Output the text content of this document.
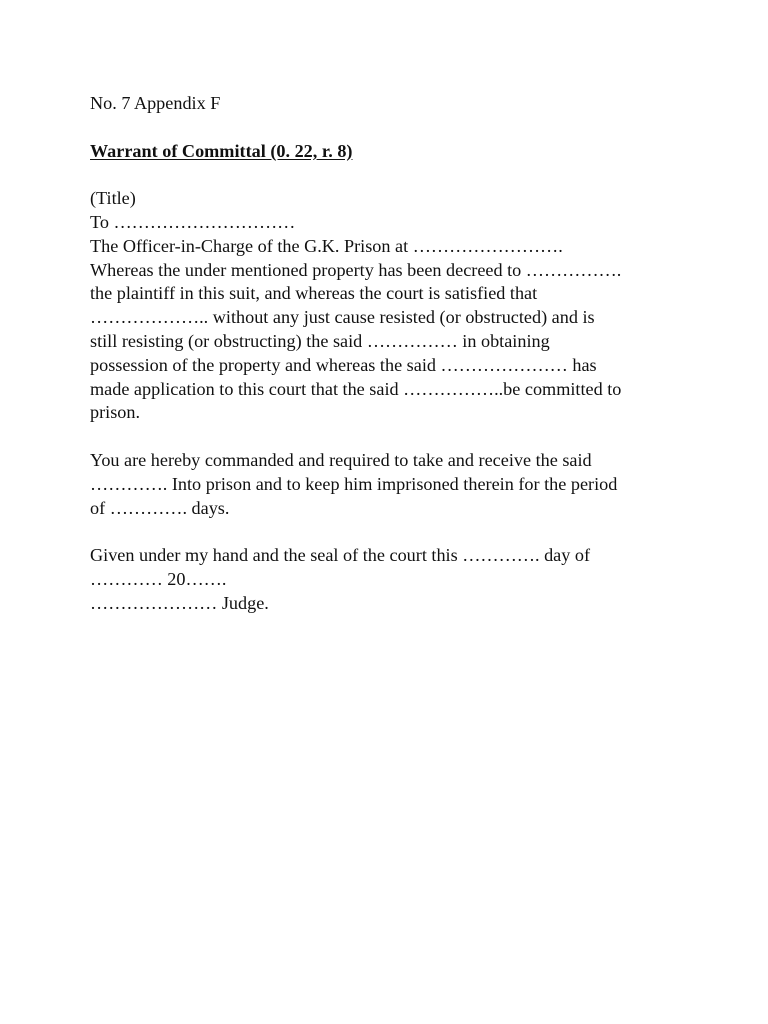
No. 7 Appendix F
Warrant of Committal (0. 22, r. 8)
(Title)
To …………………………
The Officer-in-Charge of the G.K. Prison at …………………….
Whereas the under mentioned property has been decreed to …………….
the plaintiff in this suit, and whereas the court is satisfied that
……………….. without any just cause resisted (or obstructed) and is
still resisting (or obstructing) the said …………… in obtaining
possession of the property and whereas the said ………………… has
made application to this court that the said ……………..be committed to
prison.
You are hereby commanded and required to take and receive the said
…………. Into prison and to keep him imprisoned therein for the period
of …………. days.
Given under my hand and the seal of the court this …………. day of
………… 20…….
………………… Judge.
